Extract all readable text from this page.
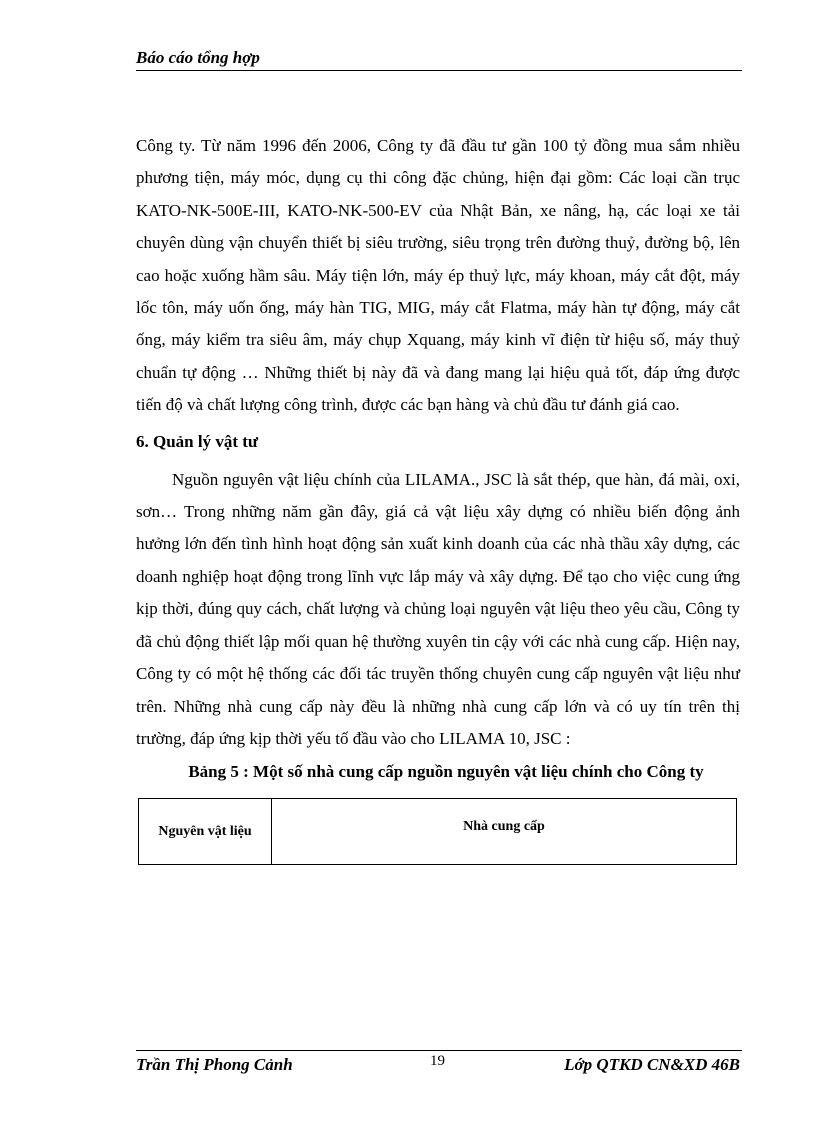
Báo cáo tổng hợp

Công ty. Từ năm 1996 đến 2006, Công ty đã đầu tư gần 100 tỷ đồng mua sắm nhiều phương tiện, máy móc, dụng cụ thi công đặc chủng, hiện đại gồm: Các loại cần trục KATO-NK-500E-III, KATO-NK-500-EV của Nhật Bản, xe nâng, hạ, các loại xe tải chuyên dùng vận chuyển thiết bị siêu trường, siêu trọng trên đường thuỷ, đường bộ, lên cao hoặc xuống hầm sâu. Máy tiện lớn, máy ép thuỷ lực, máy khoan, máy cắt đột, máy lốc tôn, máy uốn ống, máy hàn TIG, MIG, máy cắt Flatma, máy hàn tự động, máy cắt ống, máy kiểm tra siêu âm, máy chụp Xquang, máy kinh vĩ điện từ hiệu số, máy thuỷ chuẩn tự động … Những thiết bị này đã và đang mang lại hiệu quả tốt, đáp ứng được tiến độ và chất lượng công trình, được các bạn hàng và chủ đầu tư đánh giá cao.

6. Quản lý vật tư

Nguồn nguyên vật liệu chính của LILAMA., JSC là sắt thép, que hàn, đá mài, oxi, sơn… Trong những năm gần đây, giá cả vật liệu xây dựng có nhiều biến động ảnh hưởng lớn đến tình hình hoạt động sản xuất kinh doanh của các nhà thầu xây dựng, các doanh nghiệp hoạt động trong lĩnh vực lắp máy và xây dựng. Để tạo cho việc cung ứng kịp thời, đúng quy cách, chất lượng và chủng loại nguyên vật liệu theo yêu cầu, Công ty đã chủ động thiết lập mối quan hệ thường xuyên tin cậy với các nhà cung cấp. Hiện nay, Công ty có một hệ thống các đối tác truyền thống chuyên cung cấp nguyên vật liệu như trên. Những nhà cung cấp này đều là những nhà cung cấp lớn và có uy tín trên thị trường, đáp ứng kịp thời yếu tố đầu vào cho LILAMA 10, JSC :

Bảng 5 : Một số nhà cung cấp nguồn nguyên vật liệu chính cho Công ty

Nguyên vật liệu	Nhà cung cấp
Trần Thị Phong Cảnh	19	Lớp QTKD CN&XD 46B
